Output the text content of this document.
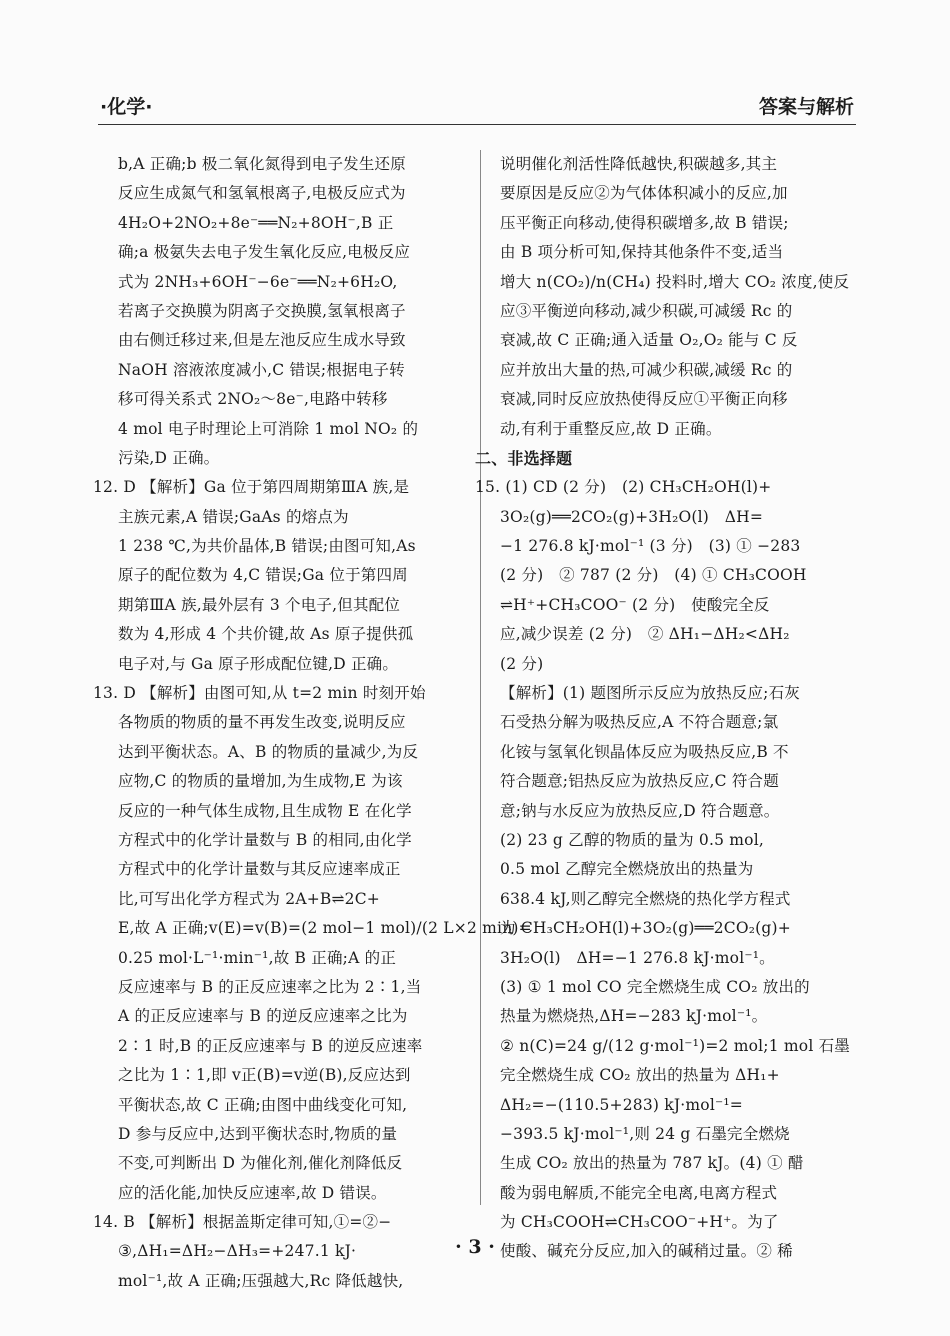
·化学·	答案与解析
b,A 正确;b 极二氧化氮得到电子发生还原
反应生成氮气和氢氧根离子,电极反应式为
4H₂O+2NO₂+8e⁻══N₂+8OH⁻,B 正
确;a 极氨失去电子发生氧化反应,电极反应
式为 2NH₃+6OH⁻−6e⁻══N₂+6H₂O,
若离子交换膜为阴离子交换膜,氢氧根离子
由右侧迁移过来,但是左池反应生成水导致
NaOH 溶液浓度减小,C 错误;根据电子转
移可得关系式 2NO₂～8e⁻,电路中转移
4 mol 电子时理论上可消除 1 mol NO₂ 的
污染,D 正确。
12. D 【解析】Ga 位于第四周期第ⅢA 族,是
主族元素,A 错误;GaAs 的熔点为
1 238 ℃,为共价晶体,B 错误;由图可知,As
原子的配位数为 4,C 错误;Ga 位于第四周
期第ⅢA 族,最外层有 3 个电子,但其配位
数为 4,形成 4 个共价键,故 As 原子提供孤
电子对,与 Ga 原子形成配位键,D 正确。
13. D 【解析】由图可知,从 t=2 min 时刻开始
各物质的物质的量不再发生改变,说明反应
达到平衡状态。A、B 的物质的量减少,为反
应物,C 的物质的量增加,为生成物,E 为该
反应的一种气体生成物,且生成物 E 在化学
方程式中的化学计量数与 B 的相同,由化学
方程式中的化学计量数与其反应速率成正
比,可写出化学方程式为 2A+B⇌2C+
E,故 A 正确;v(E)=v(B)=(2 mol−1 mol)/(2 L×2 min)=
0.25 mol·L⁻¹·min⁻¹,故 B 正确;A 的正
反应速率与 B 的正反应速率之比为 2∶1,当
A 的正反应速率与 B 的逆反应速率之比为
2∶1 时,B 的正反应速率与 B 的逆反应速率
之比为 1∶1,即 v正(B)=v逆(B),反应达到
平衡状态,故 C 正确;由图中曲线变化可知,
D 参与反应中,达到平衡状态时,物质的量
不变,可判断出 D 为催化剂,催化剂降低反
应的活化能,加快反应速率,故 D 错误。
14. B 【解析】根据盖斯定律可知,①=②−
③,ΔH₁=ΔH₂−ΔH₃=+247.1 kJ·
mol⁻¹,故 A 正确;压强越大,Rc 降低越快,
说明催化剂活性降低越快,积碳越多,其主
要原因是反应②为气体体积减小的反应,加
压平衡正向移动,使得积碳增多,故 B 错误;
由 B 项分析可知,保持其他条件不变,适当
增大 n(CO₂)/n(CH₄) 投料时,增大 CO₂ 浓度,使反
应③平衡逆向移动,减少积碳,可减缓 Rc 的
衰减,故 C 正确;通入适量 O₂,O₂ 能与 C 反
应并放出大量的热,可减少积碳,减缓 Rc 的
衰减,同时反应放热使得反应①平衡正向移
动,有利于重整反应,故 D 正确。
二、非选择题
15. (1) CD (2 分)　(2) CH₃CH₂OH(l)+
3O₂(g)══2CO₂(g)+3H₂O(l)　ΔH=
−1 276.8 kJ·mol⁻¹ (3 分)　(3) ① −283
(2 分)　② 787 (2 分)　(4) ① CH₃COOH
⇌H⁺+CH₃COO⁻ (2 分)　使酸完全反
应,减少误差 (2 分)　② ΔH₁−ΔH₂<ΔH₂
(2 分)
【解析】(1) 题图所示反应为放热反应;石灰
石受热分解为吸热反应,A 不符合题意;氯
化铵与氢氧化钡晶体反应为吸热反应,B 不
符合题意;铝热反应为放热反应,C 符合题
意;钠与水反应为放热反应,D 符合题意。
(2) 23 g 乙醇的物质的量为 0.5 mol,
0.5 mol 乙醇完全燃烧放出的热量为
638.4 kJ,则乙醇完全燃烧的热化学方程式
为 CH₃CH₂OH(l)+3O₂(g)══2CO₂(g)+
3H₂O(l)　ΔH=−1 276.8 kJ·mol⁻¹。
(3) ① 1 mol CO 完全燃烧生成 CO₂ 放出的
热量为燃烧热,ΔH=−283 kJ·mol⁻¹。
② n(C)=24 g/(12 g·mol⁻¹)=2 mol;1 mol 石墨
完全燃烧生成 CO₂ 放出的热量为 ΔH₁+
ΔH₂=−(110.5+283) kJ·mol⁻¹=
−393.5 kJ·mol⁻¹,则 24 g 石墨完全燃烧
生成 CO₂ 放出的热量为 787 kJ。(4) ① 醋
酸为弱电解质,不能完全电离,电离方程式
为 CH₃COOH⇌CH₃COO⁻+H⁺。为了
使酸、碱充分反应,加入的碱稍过量。② 稀
· 3 ·
